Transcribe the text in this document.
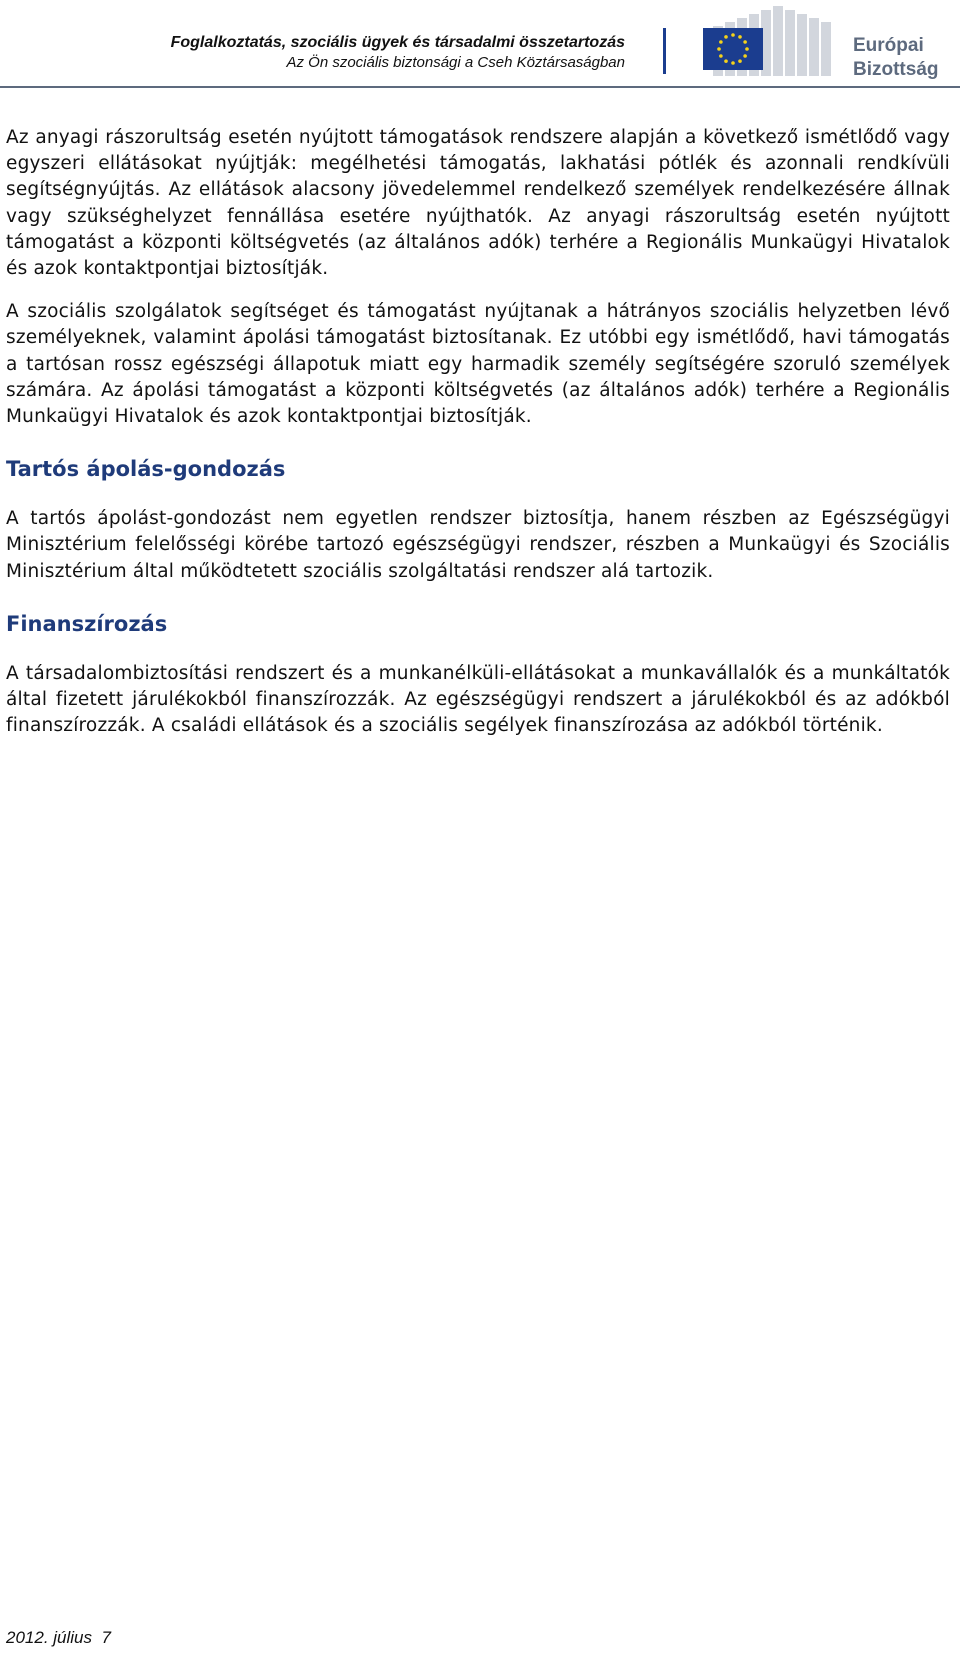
Foglalkoztatás, szociális ügyek és társadalmi összetartozás
Az Ön szociális biztonsági a Cseh Köztársaságban
Európai
Bizottság

Az anyagi rászorultság esetén nyújtott támogatások rendszere alapján a következő ismétlődő vagy egyszeri ellátásokat nyújtják: megélhetési támogatás, lakhatási pótlék és azonnali rendkívüli segítségnyújtás. Az ellátások alacsony jövedelemmel rendelkező személyek rendelkezésére állnak vagy szükséghelyzet fennállása esetére nyújthatók. Az anyagi rászorultság esetén nyújtott támogatást a központi költségvetés (az általános adók) terhére a Regionális Munkaügyi Hivatalok és azok kontaktpontjai biztosítják.

A szociális szolgálatok segítséget és támogatást nyújtanak a hátrányos szociális helyzetben lévő személyeknek, valamint ápolási támogatást biztosítanak. Ez utóbbi egy ismétlődő, havi támogatás a tartósan rossz egészségi állapotuk miatt egy harmadik személy segítségére szoruló személyek számára. Az ápolási támogatást a központi költségvetés (az általános adók) terhére a Regionális Munkaügyi Hivatalok és azok kontaktpontjai biztosítják.

Tartós ápolás-gondozás

A tartós ápolást-gondozást nem egyetlen rendszer biztosítja, hanem részben az Egészségügyi Minisztérium felelősségi körébe tartozó egészségügyi rendszer, részben a Munkaügyi és Szociális Minisztérium által működtetett szociális szolgáltatási rendszer alá tartozik.

Finanszírozás

A társadalombiztosítási rendszert és a munkanélküli-ellátásokat a munkavállalók és a munkáltatók által fizetett járulékokból finanszírozzák. Az egészségügyi rendszert a járulékokból és az adókból finanszírozzák. A családi ellátások és a szociális segélyek finanszírozása az adókból történik.

2012. július 7
